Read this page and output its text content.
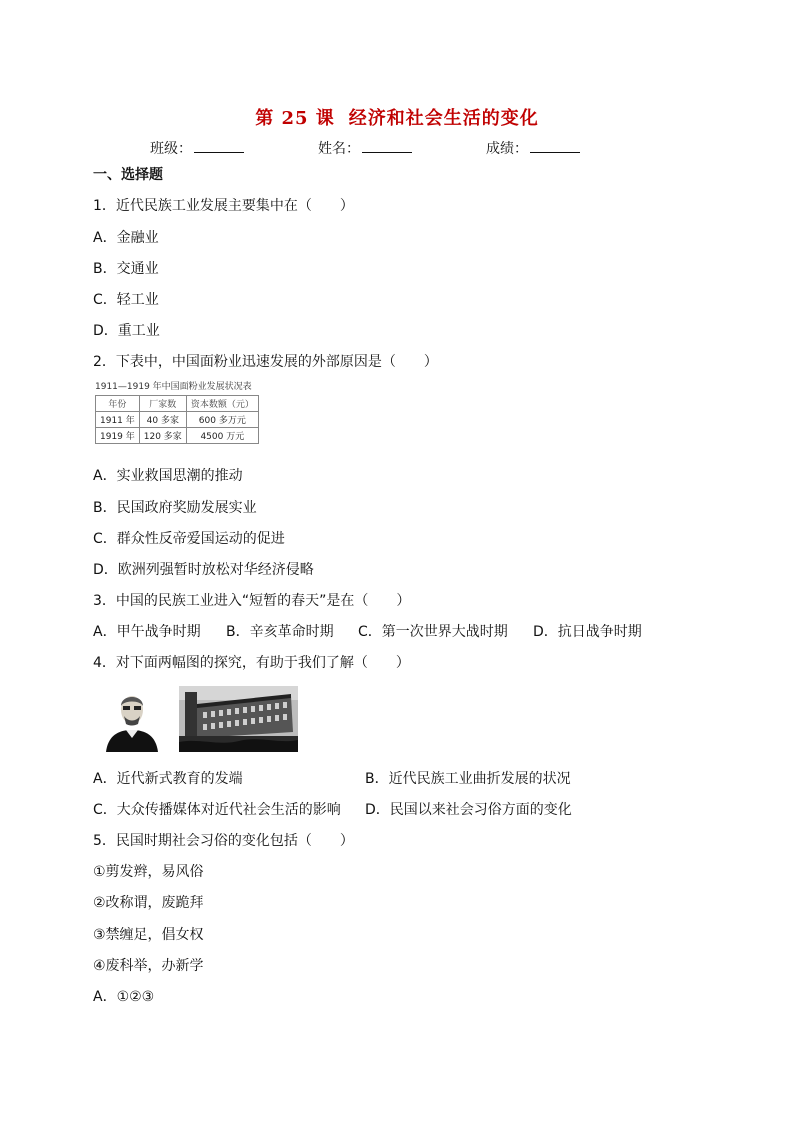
第 25 课 经济和社会生活的变化
班级：	姓名：	成绩：
一、选择题
1．近代民族工业发展主要集中在（　　）
A．金融业
B．交通业
C．轻工业
D．重工业
2．下表中，中国面粉业迅速发展的外部原因是（　　）
1911—1919 年中国面粉业发展状况表
年份	厂家数	资本数额（元）
1911 年	40 多家	600 多万元
1919 年	120 多家	4500 万元
A．实业救国思潮的推动
B．民国政府奖励发展实业
C．群众性反帝爱国运动的促进
D．欧洲列强暂时放松对华经济侵略
3．中国的民族工业进入“短暂的春天”是在（　　）
A．甲午战争时期 B．辛亥革命时期 C．第一次世界大战时期 D．抗日战争时期
4．对下面两幅图的探究，有助于我们了解（　　）
A．近代新式教育的发端	B．近代民族工业曲折发展的状况
C．大众传播媒体对近代社会生活的影响 D．民国以来社会习俗方面的变化
5．民国时期社会习俗的变化包括（　　）
①剪发辫，易风俗
②改称谓，废跪拜
③禁缠足，倡女权
④废科举，办新学
A．①②③
